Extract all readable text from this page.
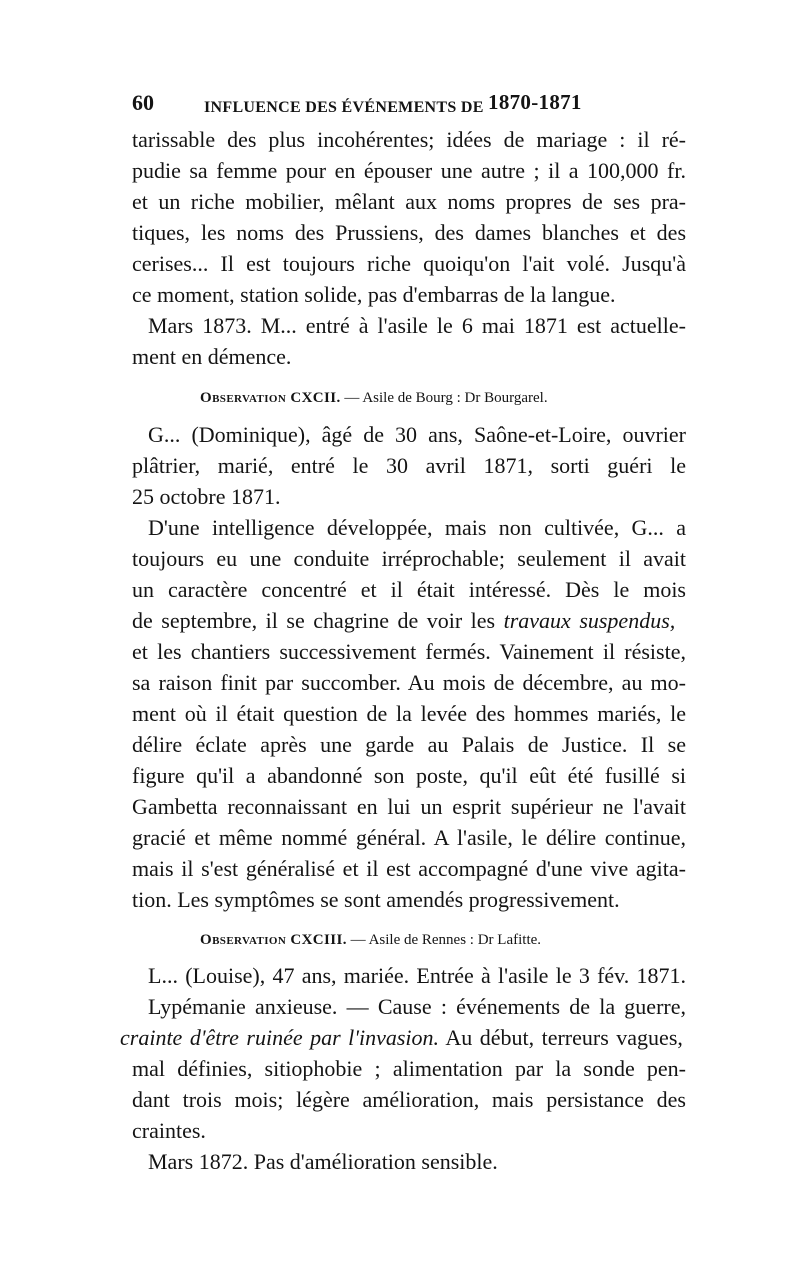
60	INFLUENCE DES ÉVÉNEMENTS DE 1870-1871
tarissable des plus incohérentes; idées de mariage : il ré-
pudie sa femme pour en épouser une autre ; il a 100,000 fr.
et un riche mobilier, mêlant aux noms propres de ses pra-
tiques, les noms des Prussiens, des dames blanches et des
cerises... Il est toujours riche quoiqu'on l'ait volé. Jusqu'à
ce moment, station solide, pas d'embarras de la langue.
Mars 1873. M... entré à l'asile le 6 mai 1871 est actuelle-
ment en démence.
Observation CXCII. — Asile de Bourg : Dr Bourgarel.
G... (Dominique), âgé de 30 ans, Saône-et-Loire, ouvrier
plâtrier, marié, entré le 30 avril 1871, sorti guéri le
25 octobre 1871.
D'une intelligence développée, mais non cultivée, G... a
toujours eu une conduite irréprochable; seulement il avait
un caractère concentré et il était intéressé. Dès le mois
de septembre, il se chagrine de voir les travaux suspendus,
et les chantiers successivement fermés. Vainement il résiste,
sa raison finit par succomber. Au mois de décembre, au mo-
ment où il était question de la levée des hommes mariés, le
délire éclate après une garde au Palais de Justice. Il se
figure qu'il a abandonné son poste, qu'il eût été fusillé si
Gambetta reconnaissant en lui un esprit supérieur ne l'avait
gracié et même nommé général. A l'asile, le délire continue,
mais il s'est généralisé et il est accompagné d'une vive agita-
tion. Les symptômes se sont amendés progressivement.
Observation CXCIII. — Asile de Rennes : Dr Lafitte.
L... (Louise), 47 ans, mariée. Entrée à l'asile le 3 fév. 1871.
Lypémanie anxieuse. — Cause : événements de la guerre,
crainte d'être ruinée par l'invasion. Au début, terreurs vagues,
mal définies, sitiophobie ; alimentation par la sonde pen-
dant trois mois; légère amélioration, mais persistance des
craintes.
Mars 1872. Pas d'amélioration sensible.
